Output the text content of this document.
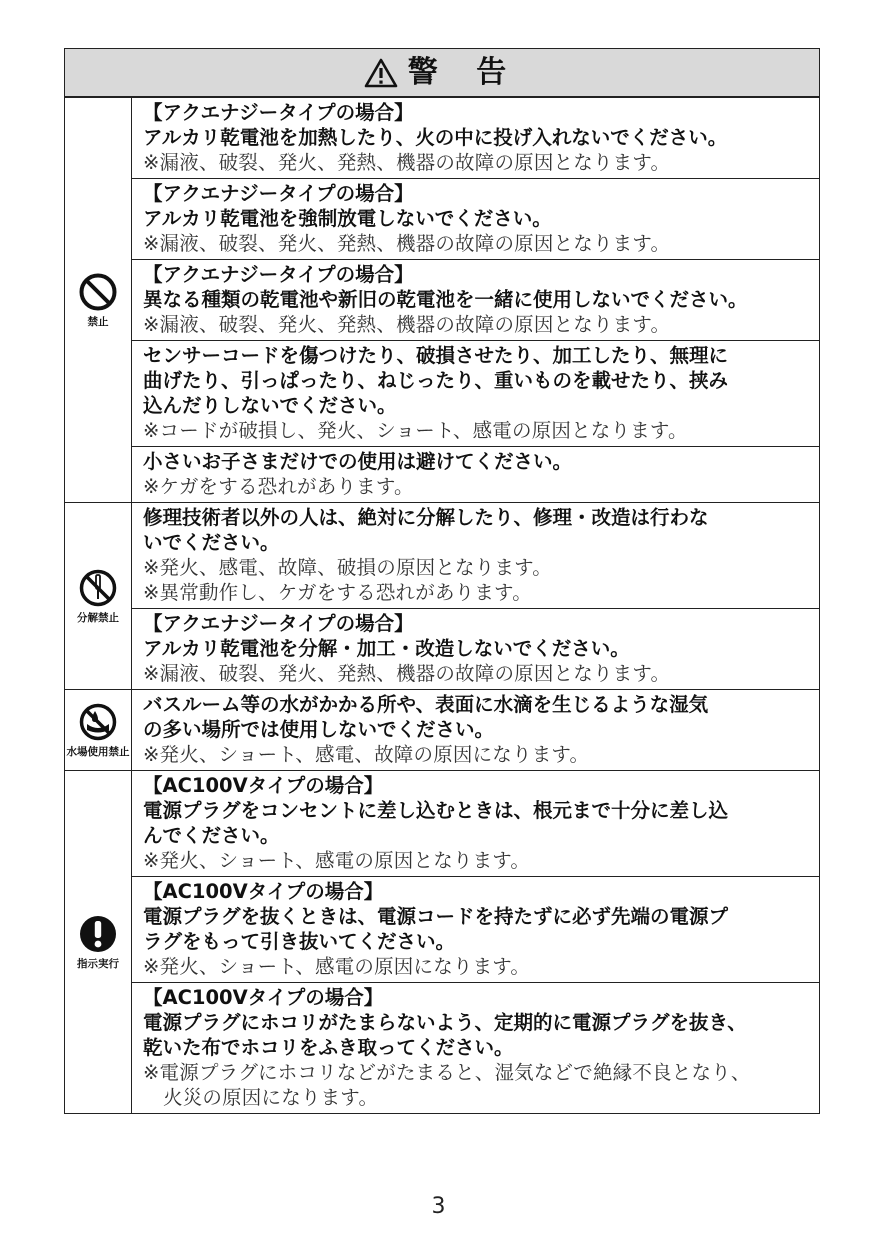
警 告
禁止

【アクエナジータイプの場合】

アルカリ乾電池を加熱したり、火の中に投げ入れないでください。

※漏液、破裂、発火、発熱、機器の故障の原因となります。

【アクエナジータイプの場合】

アルカリ乾電池を強制放電しないでください。

※漏液、破裂、発火、発熱、機器の故障の原因となります。

【アクエナジータイプの場合】

異なる種類の乾電池や新旧の乾電池を一緒に使用しないでください。

※漏液、破裂、発火、発熱、機器の故障の原因となります。

センサーコードを傷つけたり、破損させたり、加工したり、無理に

曲げたり、引っぱったり、ねじったり、重いものを載せたり、挟み

込んだりしないでください。

※コードが破損し、発火、ショート、感電の原因となります。

小さいお子さまだけでの使用は避けてください。

※ケガをする恐れがあります。

分解禁止

修理技術者以外の人は、絶対に分解したり、修理・改造は行わな

いでください。

※発火、感電、故障、破損の原因となります。

※異常動作し、ケガをする恐れがあります。

【アクエナジータイプの場合】

アルカリ乾電池を分解・加工・改造しないでください。

※漏液、破裂、発火、発熱、機器の故障の原因となります。

水場使用禁止

バスルーム等の水がかかる所や、表面に水滴を生じるような湿気

の多い場所では使用しないでください。

※発火、ショート、感電、故障の原因になります。

指示実行

【AC100Vタイプの場合】

電源プラグをコンセントに差し込むときは、根元まで十分に差し込

んでください。

※発火、ショート、感電の原因となります。

【AC100Vタイプの場合】

電源プラグを抜くときは、電源コードを持たずに必ず先端の電源プ

ラグをもって引き抜いてください。

※発火、ショート、感電の原因になります。

【AC100Vタイプの場合】

電源プラグにホコリがたまらないよう、定期的に電源プラグを抜き、

乾いた布でホコリをふき取ってください。

※電源プラグにホコリなどがたまると、湿気などで絶縁不良となり、

火災の原因になります。

3
